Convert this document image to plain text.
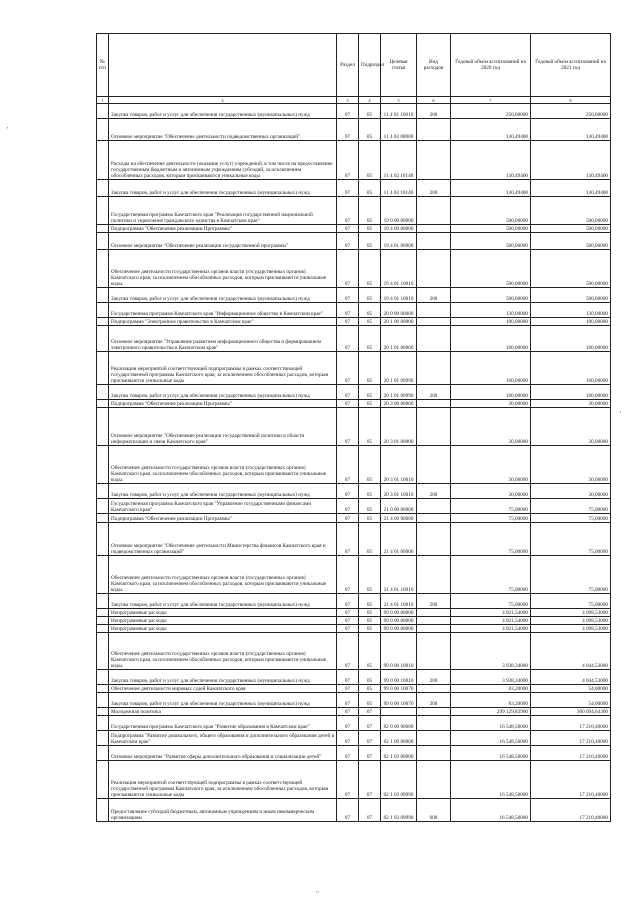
'
'
"
№ п/п		Раздел	Подраздел	Целевая статья	Вид расходов	Годовой объем ассигнований на 2020 год	Годовой объем ассигнований на 2021 год
1	2	3	4	5	6	7	8
	Закупка товаров, работ и услуг для обеспечения государственных (муниципальных) нужд	07	05	11 4 01 10010	200	250,00000	250,00000
	Основное мероприятие "Обеспечение деятельности подведомственных организаций"	07	05	11 4 02 00000		130,49400	130,49400
	Расходы на обеспечение деятельности (оказание услуг) учреждений, в том числе на предоставление государственным бюджетным и автономным учреждениям субсидий, за исключением обособленных расходов, которым присваиваются уникальные коды	07	05	11 4 02 10140		130,49400	130,49400
	Закупка товаров, работ и услуг для обеспечения государственных (муниципальных) нужд	07	05	11 4 02 10140	200	130,49400	130,49400
	Государственная программа Камчатского края "Реализация государственной национальной политики и укрепление гражданского единства в Камчатском крае"	07	05	19 0 00 00000		500,00000	500,00000
	Подпрограмма "Обеспечение реализации Программы"	07	05	19 4 00 00000		500,00000	500,00000
	Основное мероприятие "Обеспечение реализации государственной программы"	07	05	19 4 01 00000		500,00000	500,00000
	Обеспечение деятельности государственных органов власти (государственных органов) Камчатского края, за исключением обособленных расходов, которым присваиваются уникальные коды.	07	05	19 4 01 10010		500,00000	500,00000
	Закупка товаров, работ и услуг для обеспечения государственных (муниципальных) нужд	07	05	19 4 01 10010	200	500,00000	500,00000
	Государственная программа Камчатского края "Информационное общество в Камчатском крае"	07	05	20 0 00 00000		130,00000	130,00000
	Подпрограмма "Электронное правительство в Камчатском крае"	07	05	20 1 00 00000		100,00000	100,00000
	Основное мероприятие "Управление развитием информационного общества и формированием электронного правительства в Камчатском крае"	07	05	20 1 01 00000		100,00000	100,00000
	Реализация мероприятий соответствующей подпрограммы в рамках соответствующей государственной программы Камчатского края, за исключением обособленных расходов, которым присваиваются уникальные коды	07	05	20 1 01 09990		100,00000	100,00000
	Закупка товаров, работ и услуг для обеспечения государственных (муниципальных) нужд	07	05	20 1 01 09990	200	100,00000	100,00000
	Подпрограмма "Обеспечение реализации Программы"	07	05	20 3 00 00000		30,00000	30,00000
	Основное мероприятие "Обеспечение реализации государственной политики в области информатизации и связи Камчатского края"	07	05	20 3 01 00000		30,00000	30,00000
	Обеспечение деятельности государственных органов власти (государственных органов) Камчатского края, за исключением обособленных расходов, которым присваиваются уникальные коды.	07	05	20 3 01 10010		30,00000	30,00000
	Закупка товаров, работ и услуг для обеспечения государственных (муниципальных) нужд	07	05	20 3 01 10010	200	30,00000	30,00000
	Государственная программа Камчатского края "Управление государственными финансами Камчатского края"	07	05	21 0 00 00000		75,00000	75,00000
	Подпрограмма "Обеспечение реализации Программы"	07	05	21 4 00 00000		75,00000	75,00000
	Основное мероприятие "Обеспечение деятельности Министерства финансов Камчатского края и подведомственных организаций"	07	05	21 4 01 00000		75,00000	75,00000
	Обеспечение деятельности государственных органов власти (государственных органов) Камчатского края, за исключением обособленных расходов, которым присваиваются уникальные коды.	07	05	21 4 01 10010		75,00000	75,00000
	Закупка товаров, работ и услуг для обеспечения государственных (муниципальных) нужд	07	05	21 4 01 10010	200	75,00000	75,00000
	Непрограммные расходы	07	05	99 0 00 00000		4 021,54000	4 098,53000
	Непрограммные расходы	07	05	99 0 00 00000		4 021,54000	4 098,53000
	Непрограммные расходы	07	05	99 0 00 00000		4 021,54000	4 098,53000
	Обеспечение деятельности государственных органов власти (государственных органов) Камчатского края, за исключением обособленных расходов, которым присваиваются уникальные коды.	07	05	99 0 00 10010		3 938,34000	4 044,53000
	Закупка товаров, работ и услуг для обеспечения государственных (муниципальных) нужд	07	05	99 0 00 10010	200	3 938,34000	4 044,53000
	Обеспечение деятельности мировых судей Камчатского края	07	05	99 0 00 10070		83,20000	54,00000
	Закупка товаров, работ и услуг для обеспечения государственных (муниципальных) нужд	07	05	99 0 00 10070	200	83,20000	54,00000
	Молодежная политика	07	07			299 129,83900	300 094,64300
	Государственная программа Камчатского края "Развитие образования в Камчатском крае"	07	07	02 0 00 00000		16 548,50000	17 210,40000
	Подпрограмма "Развитие дошкольного, общего образования и дополнительного образования детей в Камчатском крае"	07	07	02 1 00 00000		16 548,50000	17 210,40000
	Основное мероприятие "Развитие сферы дополнительного образования и социализации детей"	07	07	02 1 03 00000		16 548,50000	17 210,40000
	Реализация мероприятий соответствующей подпрограммы в рамках соответствующей государственной программы Камчатского края, за исключением обособленных расходов, которым присваиваются уникальные коды	07	07	02 1 03 09990		16 548,50000	17 210,40000
	Предоставление субсидий бюджетным, автономным учреждениям и иным некоммерческим организациям	07	07	02 1 03 09990	600	16 548,50000	17 210,40000
